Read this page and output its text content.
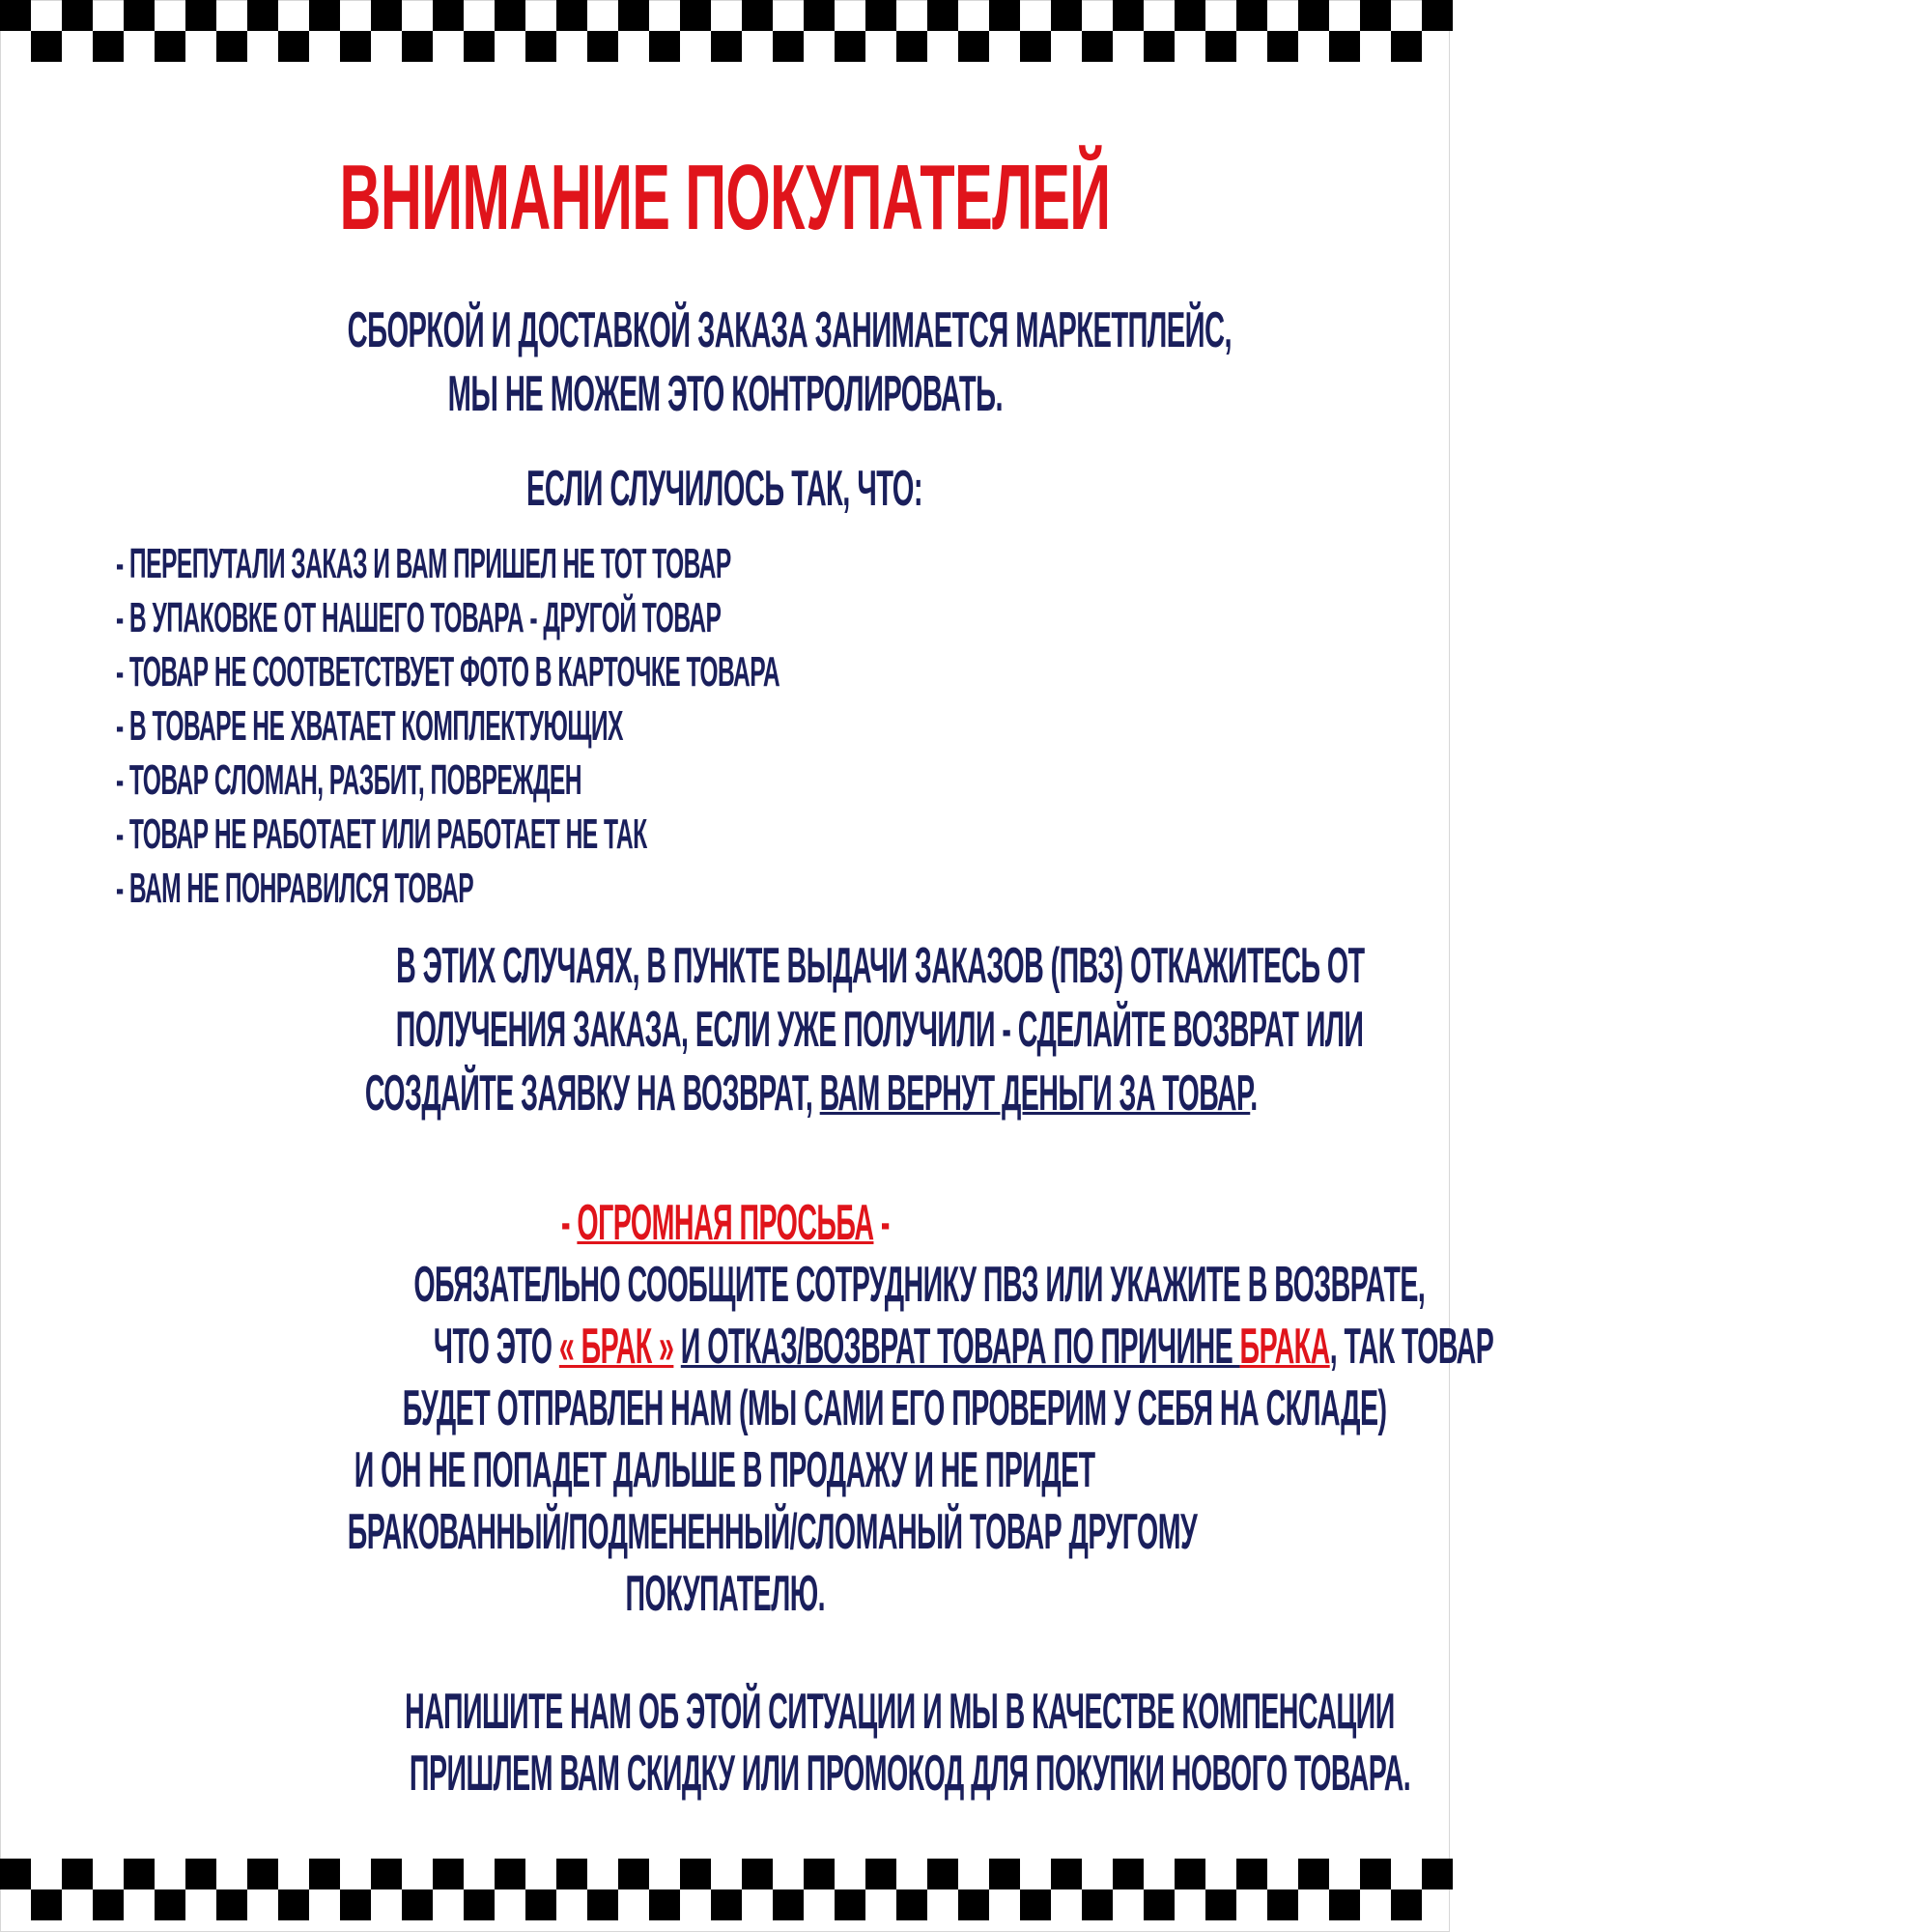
ВНИМАНИЕ ПОКУПАТЕЛЕЙ
СБОРКОЙ И ДОСТАВКОЙ ЗАКАЗА ЗАНИМАЕТСЯ МАРКЕТПЛЕЙС,
МЫ НЕ МОЖЕМ ЭТО КОНТРОЛИРОВАТЬ.
ЕСЛИ СЛУЧИЛОСЬ ТАК, ЧТО:
- ПЕРЕПУТАЛИ ЗАКАЗ И ВАМ ПРИШЕЛ НЕ ТОТ ТОВАР
- В УПАКОВКЕ ОТ НАШЕГО ТОВАРА - ДРУГОЙ ТОВАР
- ТОВАР НЕ СООТВЕТСТВУЕТ ФОТО В КАРТОЧКЕ ТОВАРА
- В ТОВАРЕ НЕ ХВАТАЕТ КОМПЛЕКТУЮЩИХ
- ТОВАР СЛОМАН, РАЗБИТ, ПОВРЕЖДЕН
- ТОВАР НЕ РАБОТАЕТ ИЛИ РАБОТАЕТ НЕ ТАК
- ВАМ НЕ ПОНРАВИЛСЯ ТОВАР
В ЭТИХ СЛУЧАЯХ, В ПУНКТЕ ВЫДАЧИ ЗАКАЗОВ (ПВЗ) ОТКАЖИТЕСЬ ОТ
ПОЛУЧЕНИЯ ЗАКАЗА, ЕСЛИ УЖЕ ПОЛУЧИЛИ - СДЕЛАЙТЕ ВОЗВРАТ ИЛИ
СОЗДАЙТЕ ЗАЯВКУ НА ВОЗВРАТ, ВАМ ВЕРНУТ ДЕНЬГИ ЗА ТОВАР.
- ОГРОМНАЯ ПРОСЬБА -
ОБЯЗАТЕЛЬНО СООБЩИТЕ СОТРУДНИКУ ПВЗ ИЛИ УКАЖИТЕ В ВОЗВРАТЕ,
ЧТО ЭТО « БРАК » И ОТКАЗ/ВОЗВРАТ ТОВАРА ПО ПРИЧИНЕ БРАКА, ТАК ТОВАР
БУДЕТ ОТПРАВЛЕН НАМ (МЫ САМИ ЕГО ПРОВЕРИМ У СЕБЯ НА СКЛАДЕ)
И ОН НЕ ПОПАДЕТ ДАЛЬШЕ В ПРОДАЖУ И НЕ ПРИДЕТ
БРАКОВАННЫЙ/ПОДМЕНЕННЫЙ/СЛОМАНЫЙ ТОВАР ДРУГОМУ
ПОКУПАТЕЛЮ.
НАПИШИТЕ НАМ ОБ ЭТОЙ СИТУАЦИИ И МЫ В КАЧЕСТВЕ КОМПЕНСАЦИИ
ПРИШЛЕМ ВАМ СКИДКУ ИЛИ ПРОМОКОД ДЛЯ ПОКУПКИ НОВОГО ТОВАРА.
